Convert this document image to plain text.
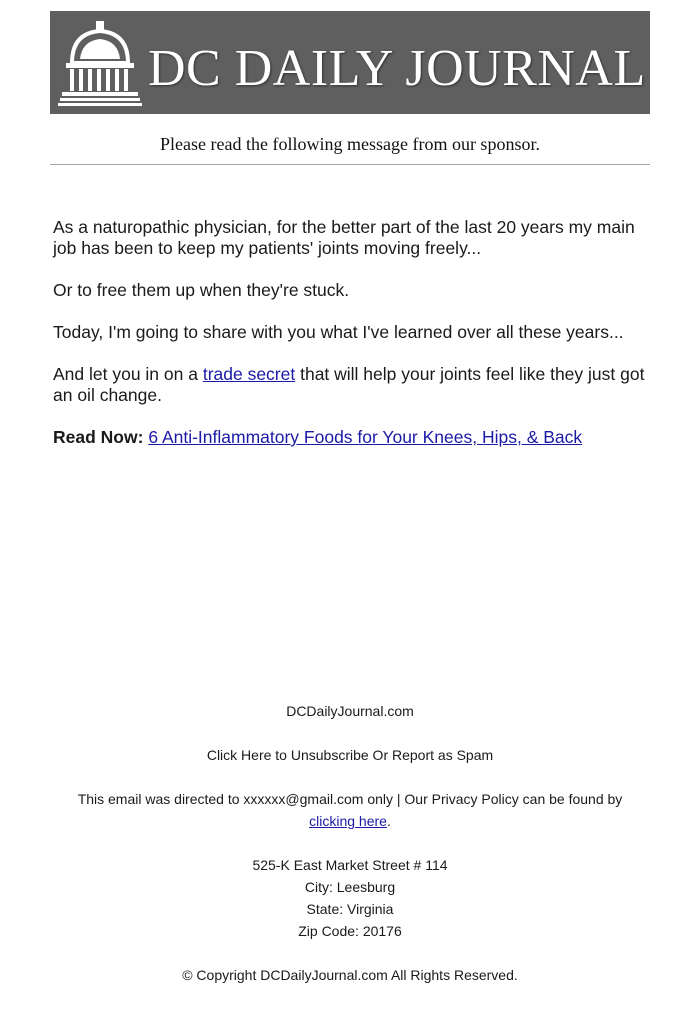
DC DAILY JOURNAL
Please read the following message from our sponsor.

As a naturopathic physician, for the better part of the last 20 years my main job has been to keep my patients' joints moving freely...

Or to free them up when they're stuck.

Today, I'm going to share with you what I've learned over all these years...

And let you in on a trade secret that will help your joints feel like they just got an oil change.

Read Now: 6 Anti-Inflammatory Foods for Your Knees, Hips, & Back

DCDailyJournal.com

Click Here to Unsubscribe Or Report as Spam

This email was directed to xxxxxx@gmail.com only | Our Privacy Policy can be found by
clicking here.

525-K East Market Street # 114
City: Leesburg
State: Virginia
Zip Code: 20176

© Copyright DCDailyJournal.com All Rights Reserved.
